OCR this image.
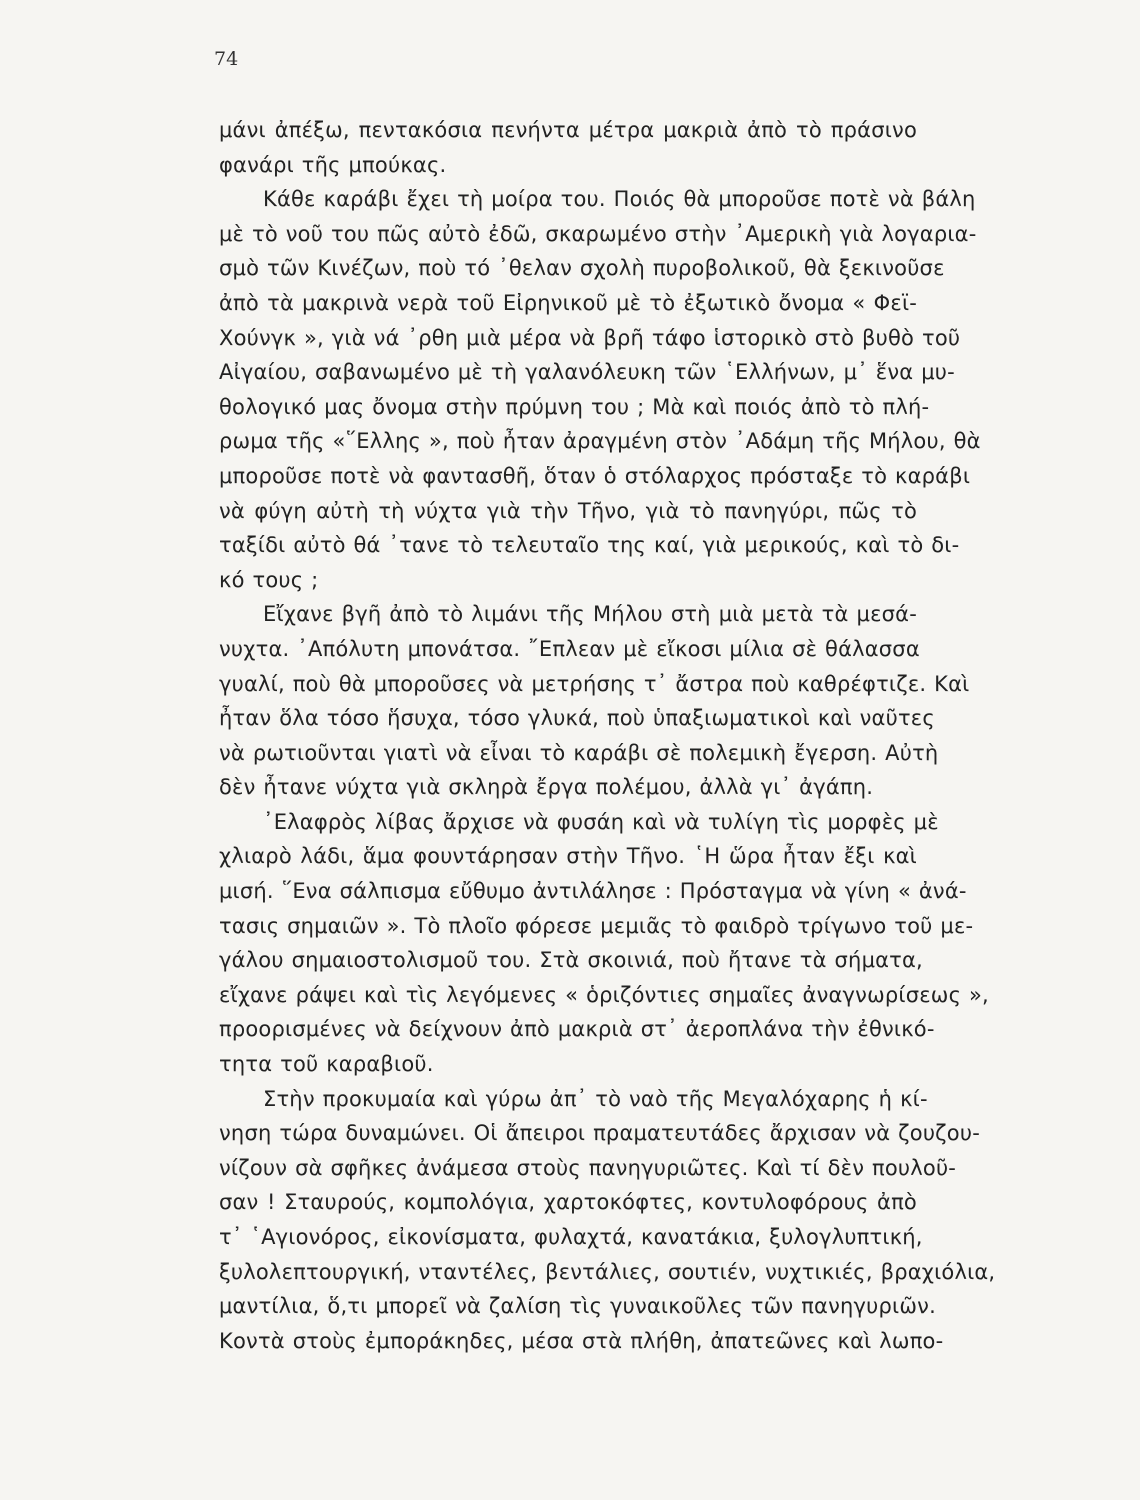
74
μάνι ἀπέξω, πεντακόσια πενήντα μέτρα μακριὰ ἀπὸ τὸ πράσινο
φανάρι τῆς μπούκας.
Κάθε καράβι ἔχει τὴ μοίρα του. Ποιός θὰ μποροῦσε ποτὲ νὰ βάλη
μὲ τὸ νοῦ του πῶς αὐτὸ ἐδῶ, σκαρωμένο στὴν ᾿Αμερικὴ γιὰ λογαρια-
σμὸ τῶν Κινέζων, ποὺ τό ᾿θελαν σχολὴ πυροβολικοῦ, θὰ ξεκινοῦσε
ἀπὸ τὰ μακρινὰ νερὰ τοῦ Εἰρηνικοῦ μὲ τὸ ἐξωτικὸ ὄνομα « Φεϊ-
Χούνγκ », γιὰ νά ᾿ρθη μιὰ μέρα νὰ βρῆ τάφο ἱστορικὸ στὸ βυθὸ τοῦ
Αἰγαίου, σαβανωμένο μὲ τὴ γαλανόλευκη τῶν ῾Ελλήνων, μ᾿ ἕνα μυ-
θολογικό μας ὄνομα στὴν πρύμνη του ; Μὰ καὶ ποιός ἀπὸ τὸ πλή-
ρωμα τῆς «῞Ελλης », ποὺ ἦταν ἀραγμένη στὸν ᾿Αδάμη τῆς Μήλου, θὰ
μποροῦσε ποτὲ νὰ φαντασθῆ, ὅταν ὁ στόλαρχος πρόσταξε τὸ καράβι
νὰ φύγη αὐτὴ τὴ νύχτα γιὰ τὴν Τῆνο, γιὰ τὸ πανηγύρι, πῶς τὸ
ταξίδι αὐτὸ θά ᾿τανε τὸ τελευταῖο της καί, γιὰ μερικούς, καὶ τὸ δι-
κό τους ;
Εἴχανε βγῆ ἀπὸ τὸ λιμάνι τῆς Μήλου στὴ μιὰ μετὰ τὰ μεσά-
νυχτα. ᾿Απόλυτη μπονάτσα. ῎Επλεαν μὲ εἴκοσι μίλια σὲ θάλασσα
γυαλί, ποὺ θὰ μποροῦσες νὰ μετρήσης τ᾿ ἄστρα ποὺ καθρέφτιζε. Καὶ
ἦταν ὅλα τόσο ἥσυχα, τόσο γλυκά, ποὺ ὑπαξιωματικοὶ καὶ ναῦτες
νὰ ρωτιοῦνται γιατὶ νὰ εἶναι τὸ καράβι σὲ πολεμικὴ ἔγερση. Αὐτὴ
δὲν ἦτανε νύχτα γιὰ σκληρὰ ἔργα πολέμου, ἀλλὰ γι᾿ ἀγάπη.
᾿Ελαφρὸς λίβας ἄρχισε νὰ φυσάη καὶ νὰ τυλίγη τὶς μορφὲς μὲ
χλιαρὸ λάδι, ἅμα φουντάρησαν στὴν Τῆνο. ῾Η ὥρα ἦταν ἔξι καὶ
μισή. ῞Ενα σάλπισμα εὔθυμο ἀντιλάλησε : Πρόσταγμα νὰ γίνη « ἀνά-
τασις σημαιῶν ». Τὸ πλοῖο φόρεσε μεμιᾶς τὸ φαιδρὸ τρίγωνο τοῦ με-
γάλου σημαιοστολισμοῦ του. Στὰ σκοινιά, ποὺ ἤτανε τὰ σήματα,
εἴχανε ράψει καὶ τὶς λεγόμενες « ὁριζόντιες σημαῖες ἀναγνωρίσεως »,
προορισμένες νὰ δείχνουν ἀπὸ μακριὰ στ᾿ ἀεροπλάνα τὴν ἐθνικό-
τητα τοῦ καραβιοῦ.
Στὴν προκυμαία καὶ γύρω ἀπ᾿ τὸ ναὸ τῆς Μεγαλόχαρης ἡ κί-
νηση τώρα δυναμώνει. Οἱ ἄπειροι πραματευτάδες ἄρχισαν νὰ ζουζου-
νίζουν σὰ σφῆκες ἀνάμεσα στοὺς πανηγυριῶτες. Καὶ τί δὲν πουλοῦ-
σαν ! Σταυρούς, κομπολόγια, χαρτοκόφτες, κοντυλοφόρους ἀπὸ
τ᾿ ῾Αγιονόρος, εἰκονίσματα, φυλαχτά, κανατάκια, ξυλογλυπτική,
ξυλολεπτουργική, νταντέλες, βεντάλιες, σουτιέν, νυχτικιές, βραχιόλια,
μαντίλια, ὅ,τι μπορεῖ νὰ ζαλίση τὶς γυναικοῦλες τῶν πανηγυριῶν.
Κοντὰ στοὺς ἐμποράκηδες, μέσα στὰ πλήθη, ἀπατεῶνες καὶ λωπο-
